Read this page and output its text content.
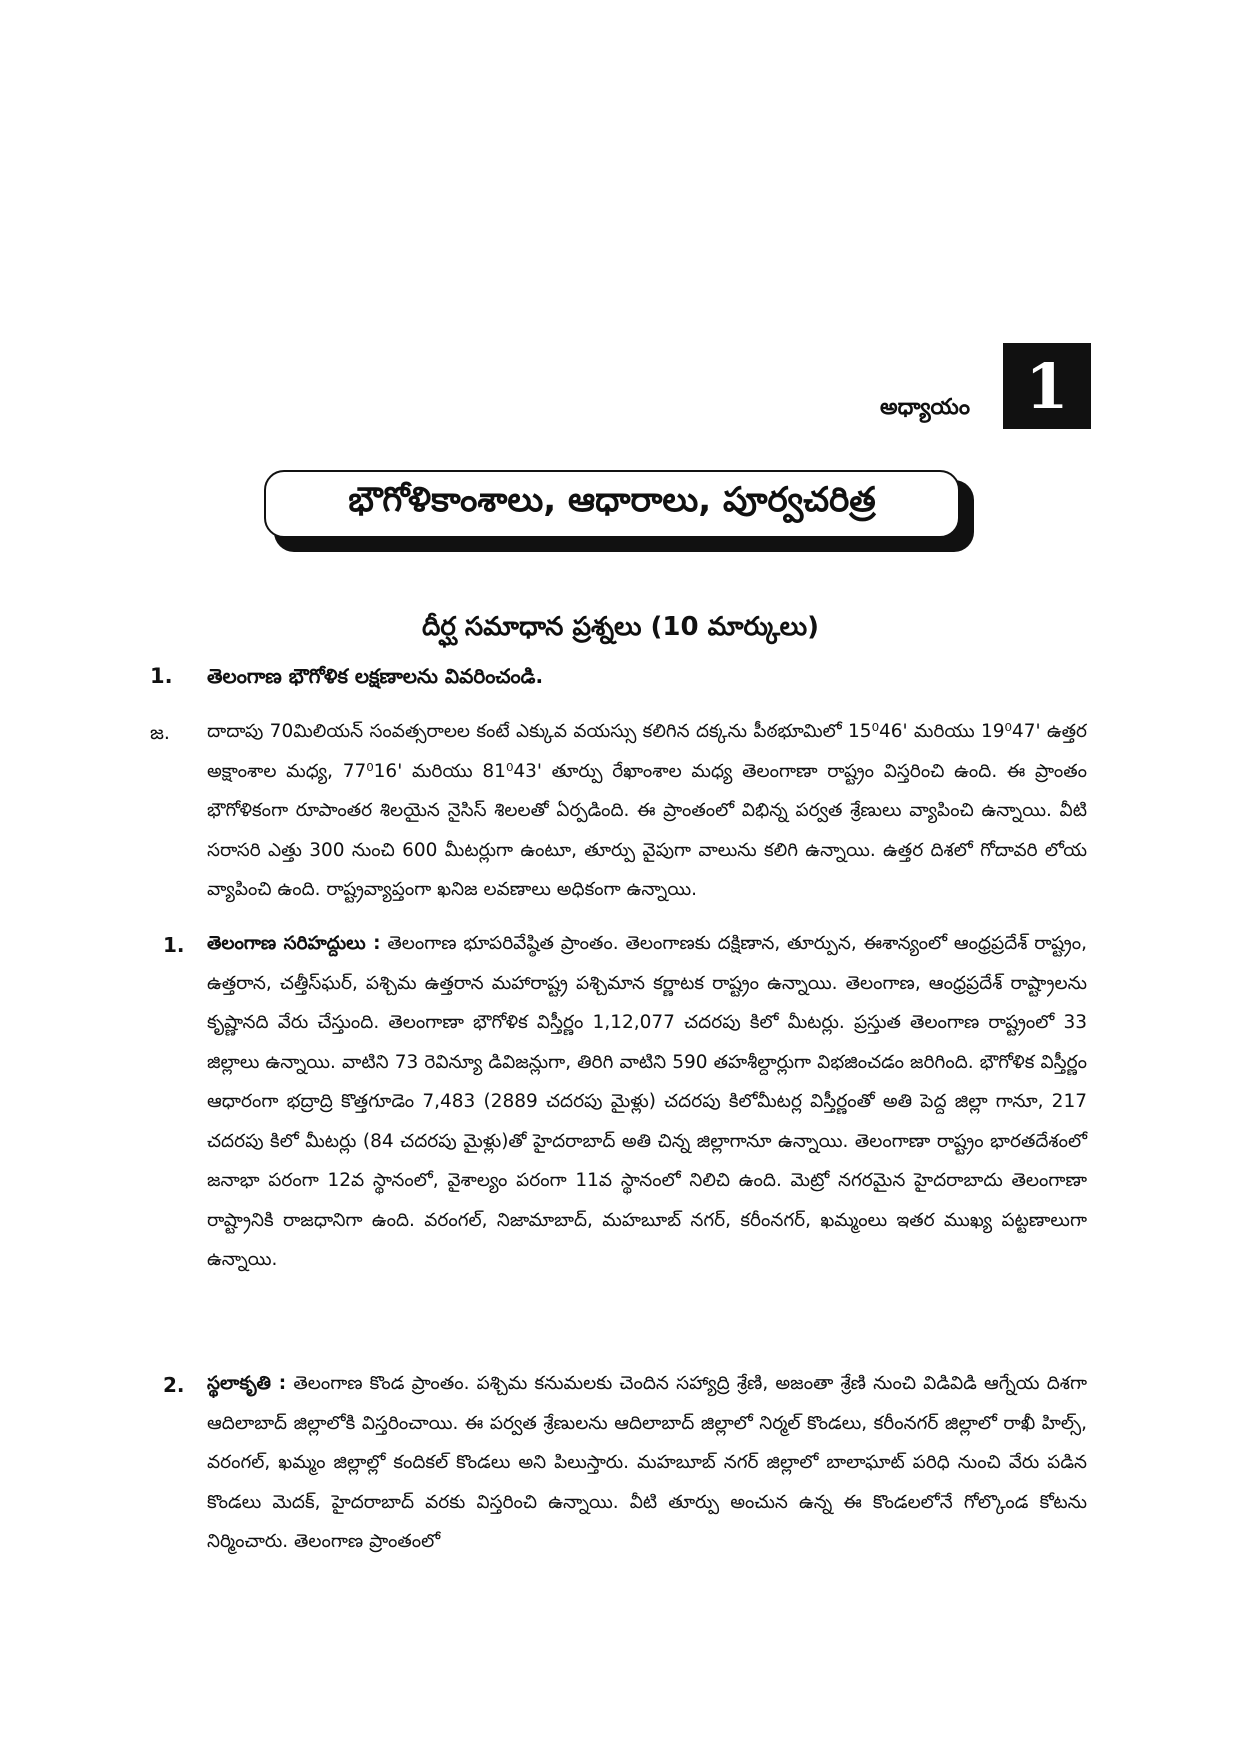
అధ్యాయం 1
భౌగోళికాంశాలు, ఆధారాలు, పూర్వచరిత్ర
దీర్ఘ సమాధాన ప్రశ్నలు (10 మార్కులు)
1. తెలంగాణ భౌగోళిక లక్షణాలను వివరించండి.
జ. దాదాపు 70మిలియన్ సంవత్సరాలల కంటే ఎక్కువ వయస్సు కలిగిన దక్కను పీఠభూమిలో 15⁰46' మరియు 19⁰47' ఉత్తర అక్షాంశాల మధ్య, 77⁰16' మరియు 81⁰43' తూర్పు రేఖాంశాల మధ్య తెలంగాణా రాష్ట్రం విస్తరించి ఉంది. ఈ ప్రాంతం భౌగోళికంగా రూపాంతర శిలయైన నైసిస్ శిలలతో ఏర్పడింది. ఈ ప్రాంతంలో విభిన్న పర్వత శ్రేణులు వ్యాపించి ఉన్నాయి. వీటి సరాసరి ఎత్తు 300 నుంచి 600 మీటర్లుగా ఉంటూ, తూర్పు వైపుగా వాలును కలిగి ఉన్నాయి. ఉత్తర దిశలో గోదావరి లోయ వ్యాపించి ఉంది. రాష్ట్రవ్యాప్తంగా ఖనిజ లవణాలు అధికంగా ఉన్నాయి.

1. తెలంగాణ సరిహద్దులు : తెలంగాణ భూపరివేష్ఠిత ప్రాంతం. తెలంగాణకు దక్షిణాన, తూర్పున, ఈశాన్యంలో ఆంధ్రప్రదేశ్ రాష్ట్రం, ఉత్తరాన, చత్తీస్‌ఘర్, పశ్చిమ ఉత్తరాన మహారాష్ట్ర పశ్చిమాన కర్ణాటక రాష్ట్రం ఉన్నాయి. తెలంగాణ, ఆంధ్రప్రదేశ్ రాష్ట్రాలను కృష్ణానది వేరు చేస్తుంది. తెలంగాణా భౌగోళిక విస్తీర్ణం 1,12,077 చదరపు కిలో మీటర్లు. ప్రస్తుత తెలంగాణ రాష్ట్రంలో 33 జిల్లాలు ఉన్నాయి. వాటిని 73 రెవిన్యూ డివిజన్లుగా, తిరిగి వాటిని 590 తహశీల్దార్లుగా విభజించడం జరిగింది. భౌగోళిక విస్తీర్ణం ఆధారంగా భద్రాద్రి కొత్తగూడెం 7,483 (2889 చదరపు మైళ్లు) చదరపు కిలోమీటర్ల విస్తీర్ణంతో అతి పెద్ద జిల్లా గానూ, 217 చదరపు కిలో మీటర్లు (84 చదరపు మైళ్లు)తో హైదరాబాద్ అతి చిన్న జిల్లాగానూ ఉన్నాయి. తెలంగాణా రాష్ట్రం భారతదేశంలో జనాభా పరంగా 12వ స్థానంలో, వైశాల్యం పరంగా 11వ స్థానంలో నిలిచి ఉంది. మెట్రో నగరమైన హైదరాబాదు తెలంగాణా రాష్ట్రానికి రాజధానిగా ఉంది. వరంగల్, నిజామాబాద్, మహబూబ్ నగర్, కరీంనగర్, ఖమ్మంలు ఇతర ముఖ్య పట్టణాలుగా ఉన్నాయి.

2. స్థలాకృతి : తెలంగాణ కొండ ప్రాంతం. పశ్చిమ కనుమలకు చెందిన సహ్యాద్రి శ్రేణి, అజంతా శ్రేణి నుంచి విడివిడి ఆగ్నేయ దిశగా ఆదిలాబాద్ జిల్లాలోకి విస్తరించాయి. ఈ పర్వత శ్రేణులను ఆదిలాబాద్ జిల్లాలో నిర్మల్ కొండలు, కరీంనగర్ జిల్లాలో రాఖీ హిల్స్, వరంగల్, ఖమ్మం జిల్లాల్లో కందికల్ కొండలు అని పిలుస్తారు. మహబూబ్ నగర్ జిల్లాలో బాలాఘాట్ పరిధి నుంచి వేరు పడిన కొండలు మెదక్, హైదరాబాద్ వరకు విస్తరించి ఉన్నాయి. వీటి తూర్పు అంచున ఉన్న ఈ కొండలలోనే గోల్కొండ కోటను నిర్మించారు. తెలంగాణ ప్రాంతంలో
